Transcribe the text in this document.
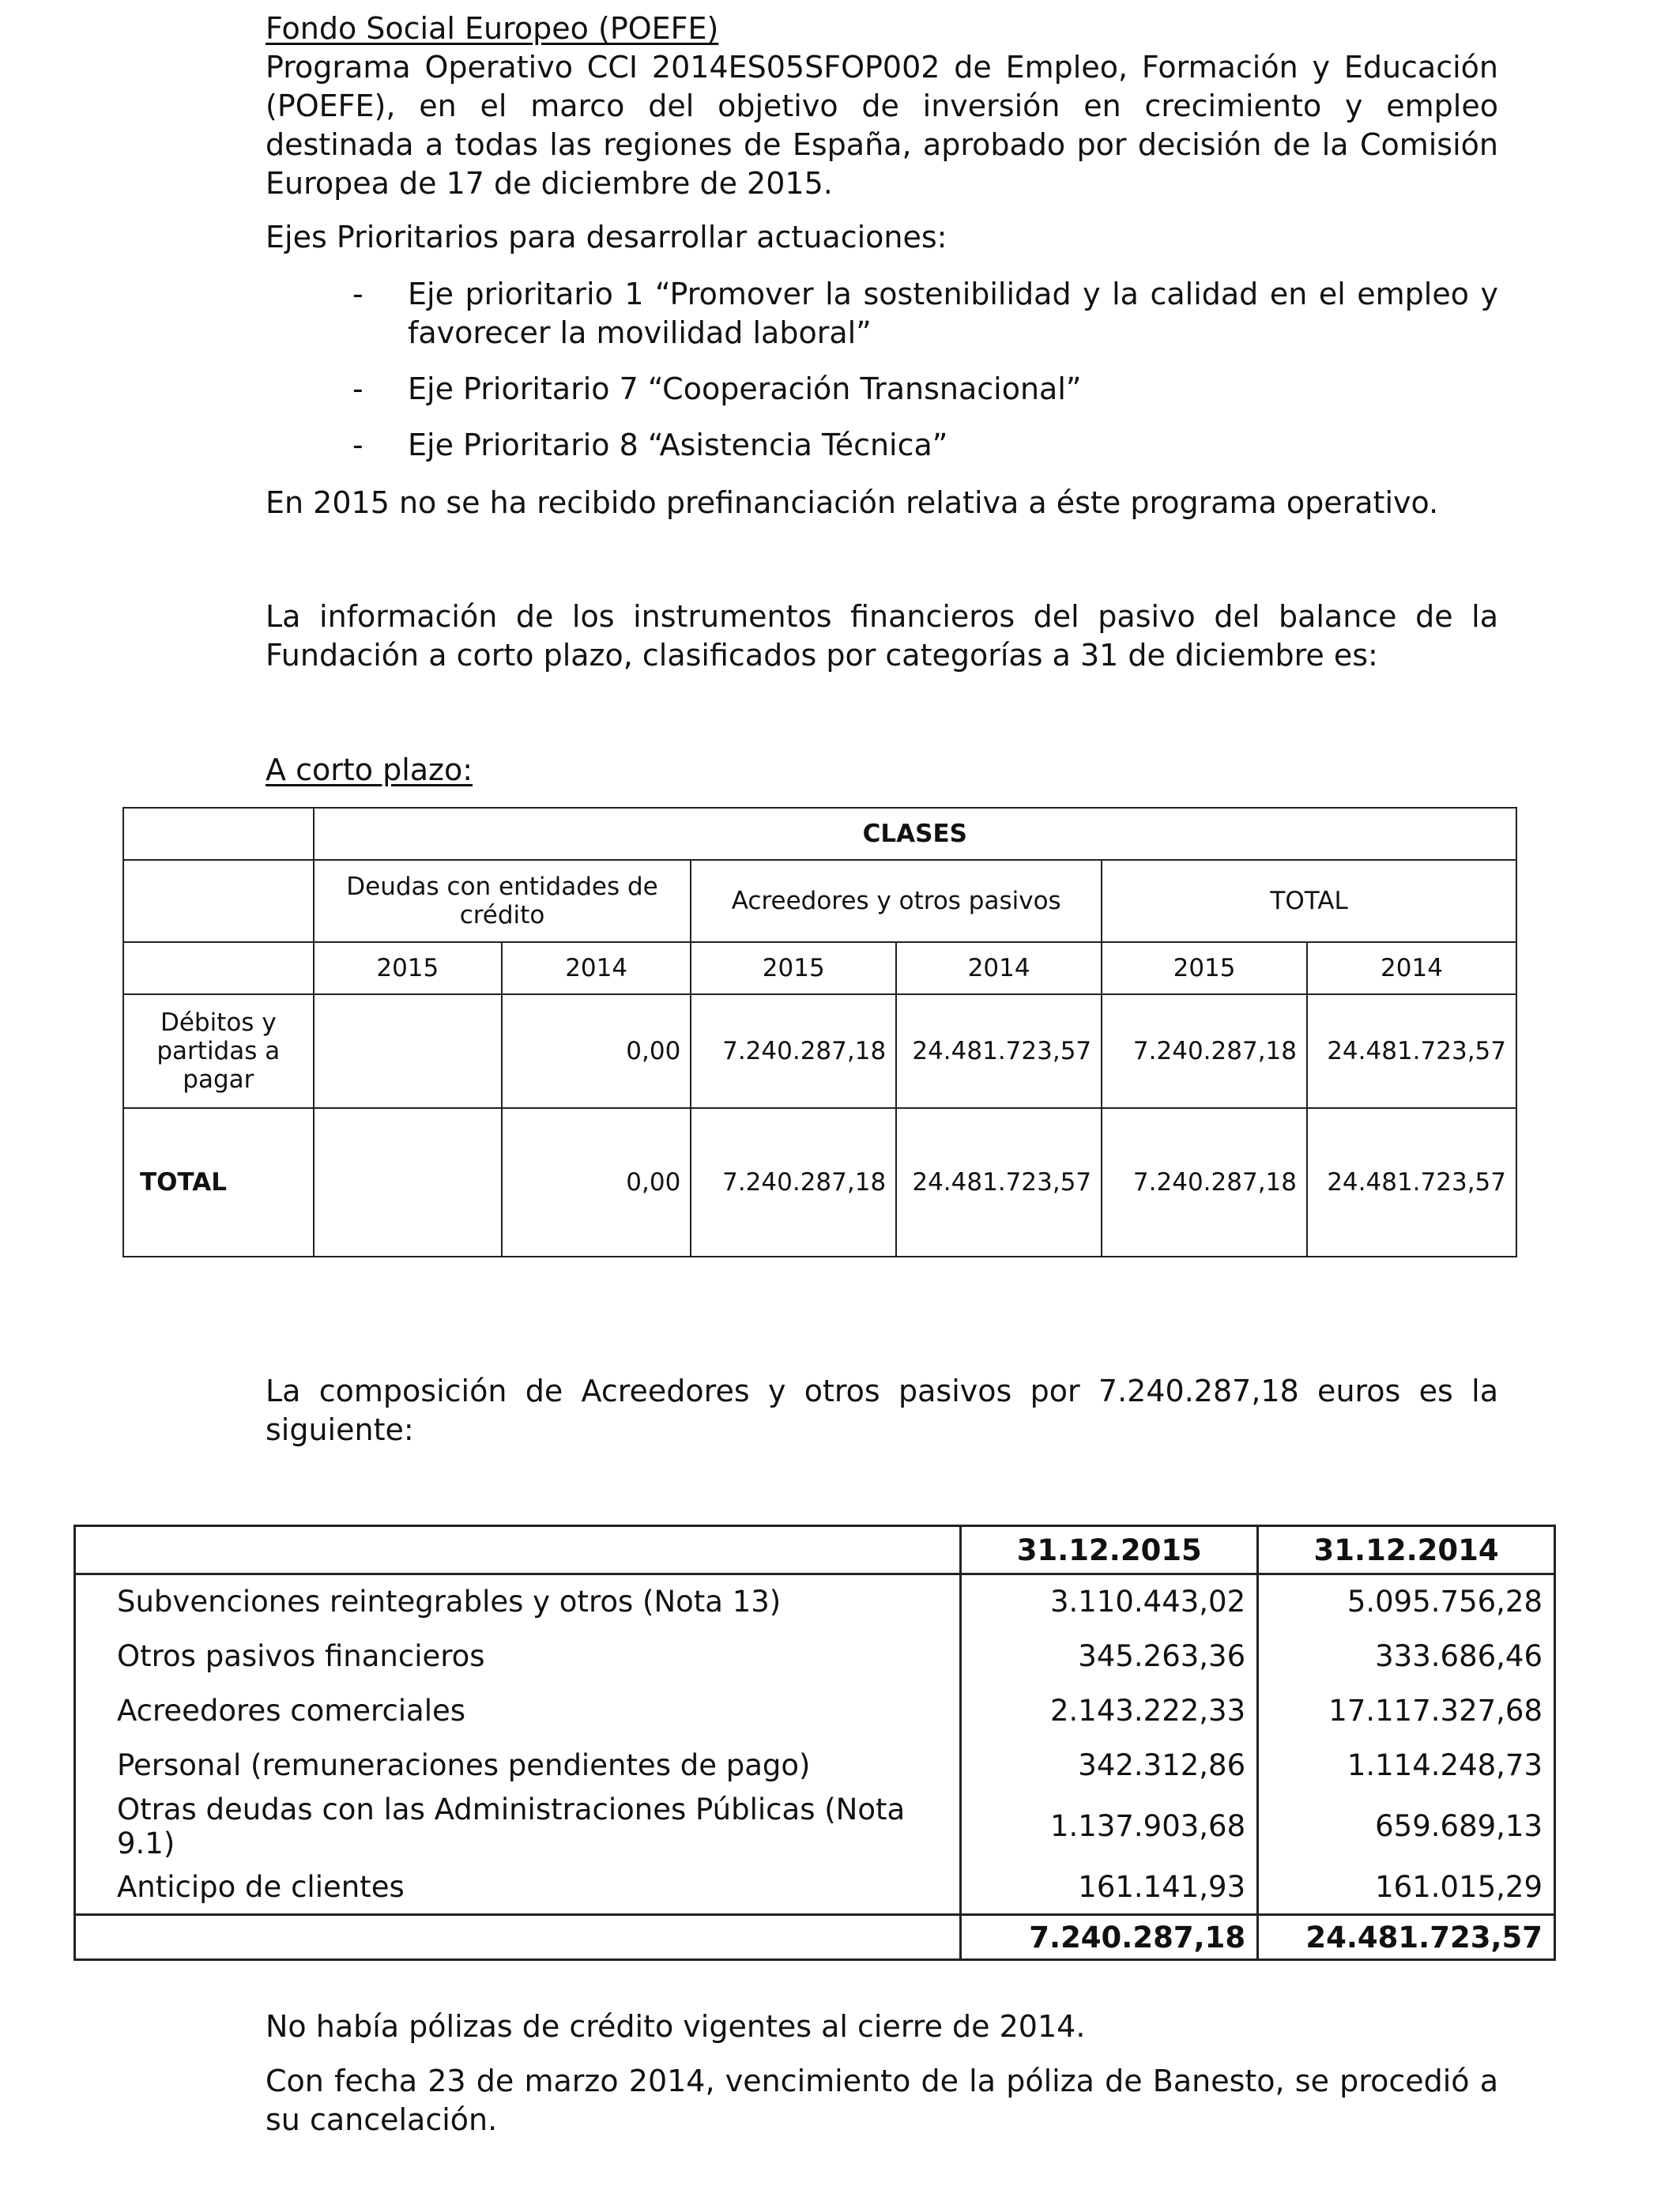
Fondo Social Europeo (POEFE)
Programa Operativo CCI 2014ES05SFOP002 de Empleo, Formación y Educación (POEFE), en el marco del objetivo de inversión en crecimiento y empleo destinada a todas las regiones de España, aprobado por decisión de la Comisión Europea de 17 de diciembre de 2015.
Ejes Prioritarios para desarrollar actuaciones:
- Eje prioritario 1 “Promover la sostenibilidad y la calidad en el empleo y favorecer la movilidad laboral”
- Eje Prioritario 7 “Cooperación Transnacional”
- Eje Prioritario 8 “Asistencia Técnica”
En 2015 no se ha recibido prefinanciación relativa a éste programa operativo.
La información de los instrumentos financieros del pasivo del balance de la Fundación a corto plazo, clasificados por categorías a 31 de diciembre es:
A corto plazo:
	CLASES					
	Deudas con entidades de crédito		Acreedores y otros pasivos		TOTAL	
	2015	2014	2015	2014	2015	2014
Débitos y partidas a pagar		0,00	7.240.287,18	24.481.723,57	7.240.287,18	24.481.723,57
TOTAL		0,00	7.240.287,18	24.481.723,57	7.240.287,18	24.481.723,57
La composición de Acreedores y otros pasivos por 7.240.287,18 euros es la siguiente:
	31.12.2015	31.12.2014
Subvenciones reintegrables y otros (Nota 13)	3.110.443,02	5.095.756,28
Otros pasivos financieros	345.263,36	333.686,46
Acreedores comerciales	2.143.222,33	17.117.327,68
Personal (remuneraciones pendientes de pago)	342.312,86	1.114.248,73
Otras deudas con las Administraciones Públicas (Nota 9.1)	1.137.903,68	659.689,13
Anticipo de clientes	161.141,93	161.015,29
	7.240.287,18	24.481.723,57
No había pólizas de crédito vigentes al cierre de 2014.
Con fecha 23 de marzo 2014, vencimiento de la póliza de Banesto, se procedió a su cancelación.
